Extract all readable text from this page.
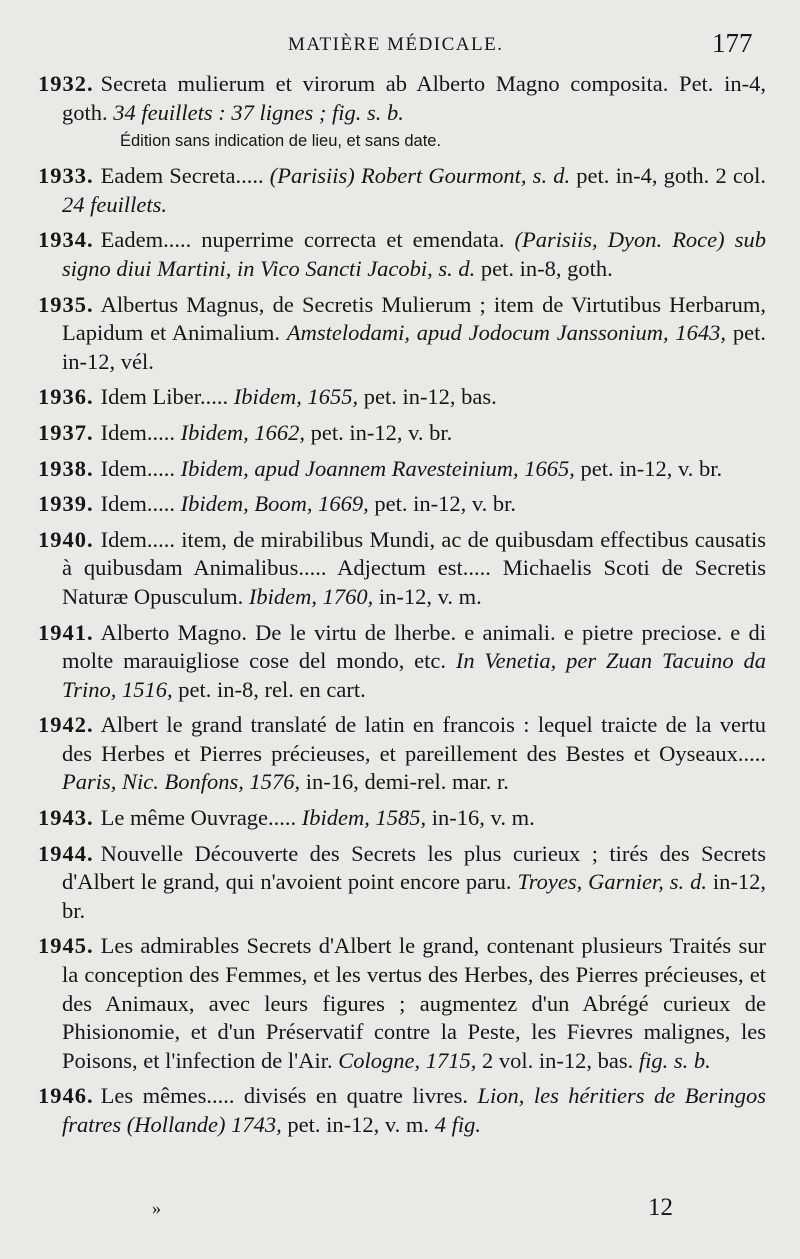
MATIÈRE MÉDICALE.	177

1932. Secreta mulierum et virorum ab Alberto Magno composita. Pet. in-4, goth. 34 feuillets : 37 lignes ; fig. s. b.
Édition sans indication de lieu, et sans date.

1933. Eadem Secreta..... (Parisiis) Robert Gourmont, s. d. pet. in-4, goth. 2 col. 24 feuillets.

1934. Eadem..... nuperrime correcta et emendata. (Parisiis, Dyon. Roce) sub signo diui Martini, in Vico Sancti Jacobi, s. d. pet. in-8, goth.

1935. Albertus Magnus, de Secretis Mulierum ; item de Virtutibus Herbarum, Lapidum et Animalium. Amstelodami, apud Jodocum Janssonium, 1643, pet. in-12, vél.

1936. Idem Liber..... Ibidem, 1655, pet. in-12, bas.

1937. Idem..... Ibidem, 1662, pet. in-12, v. br.

1938. Idem..... Ibidem, apud Joannem Ravesteinium, 1665, pet. in-12, v. br.

1939. Idem..... Ibidem, Boom, 1669, pet. in-12, v. br.

1940. Idem..... item, de mirabilibus Mundi, ac de quibusdam effectibus causatis à quibusdam Animalibus..... Adjectum est..... Michaelis Scoti de Secretis Naturæ Opusculum. Ibidem, 1760, in-12, v. m.

1941. Alberto Magno. De le virtu de lherbe. e animali. e pietre preciose. e di molte marauigliose cose del mondo, etc. In Venetia, per Zuan Tacuino da Trino, 1516, pet. in-8, rel. en cart.

1942. Albert le grand translaté de latin en francois : lequel traicte de la vertu des Herbes et Pierres précieuses, et pareillement des Bestes et Oyseaux..... Paris, Nic. Bonfons, 1576, in-16, demi-rel. mar. r.

1943. Le même Ouvrage..... Ibidem, 1585, in-16, v. m.

1944. Nouvelle Découverte des Secrets les plus curieux ; tirés des Secrets d'Albert le grand, qui n'avoient point encore paru. Troyes, Garnier, s. d. in-12, br.

1945. Les admirables Secrets d'Albert le grand, contenant plusieurs Traités sur la conception des Femmes, et les vertus des Herbes, des Pierres précieuses, et des Animaux, avec leurs figures ; augmentez d'un Abrégé curieux de Phisionomie, et d'un Préservatif contre la Peste, les Fievres malignes, les Poisons, et l'infection de l'Air. Cologne, 1715, 2 vol. in-12, bas. fig. s. b.

1946. Les mêmes..... divisés en quatre livres. Lion, les héritiers de Beringos fratres (Hollande) 1743, pet. in-12, v. m. 4 fig.

»	12
